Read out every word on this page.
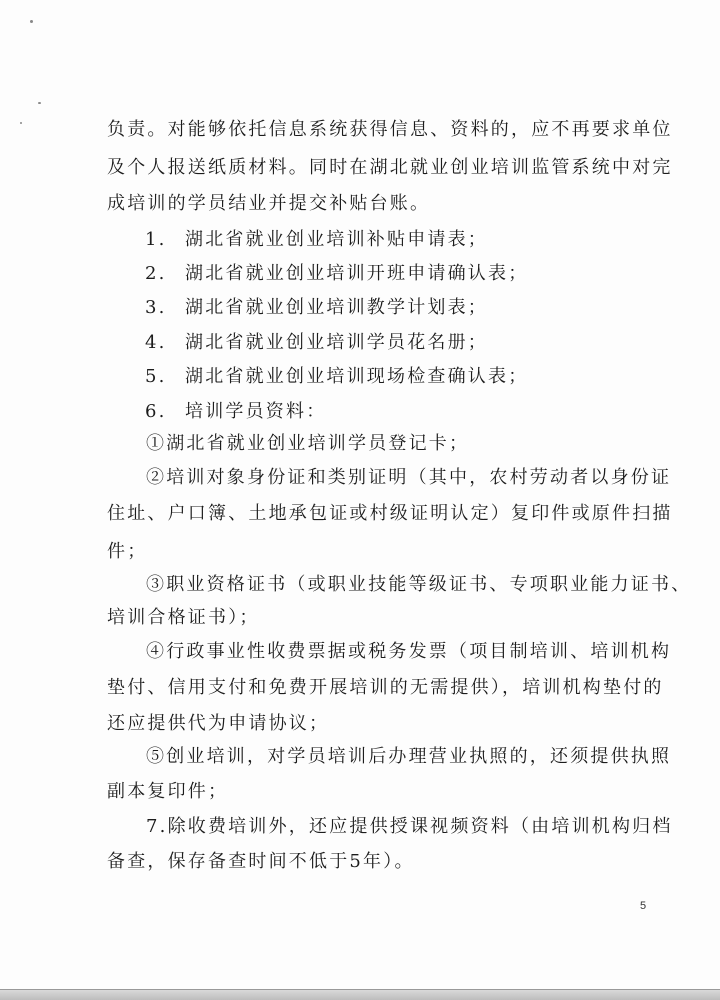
负责。对能够依托信息系统获得信息、资料的，应不再要求单位
及个人报送纸质材料。同时在湖北就业创业培训监管系统中对完
成培训的学员结业并提交补贴台账。
1. 湖北省就业创业培训补贴申请表；
2. 湖北省就业创业培训开班申请确认表；
3. 湖北省就业创业培训教学计划表；
4. 湖北省就业创业培训学员花名册；
5. 湖北省就业创业培训现场检查确认表；
6. 培训学员资料：
①湖北省就业创业培训学员登记卡；
②培训对象身份证和类别证明（其中，农村劳动者以身份证
住址、户口簿、土地承包证或村级证明认定）复印件或原件扫描
件；
③职业资格证书（或职业技能等级证书、专项职业能力证书、
培训合格证书）；
④行政事业性收费票据或税务发票（项目制培训、培训机构
垫付、信用支付和免费开展培训的无需提供），培训机构垫付的
还应提供代为申请协议；
⑤创业培训，对学员培训后办理营业执照的，还须提供执照
副本复印件；
7.除收费培训外，还应提供授课视频资料（由培训机构归档
备查，保存备查时间不低于5年）。
5
